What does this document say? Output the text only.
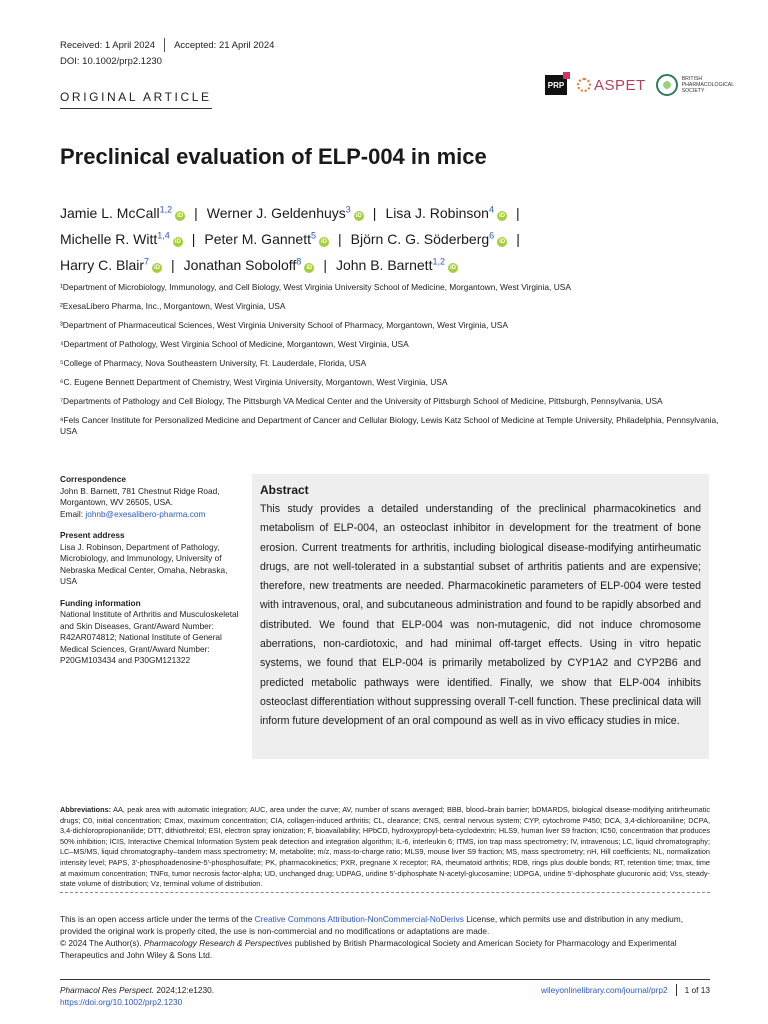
Received: 1 April 2024 Accepted: 21 April 2024
DOI: 10.1002/prp2.1230
PRP ASPET	BRITISH PHARMACOLOGICAL SOCIETY
ORIGINAL ARTICLE
Preclinical evaluation of ELP-004 in mice
Jamie L. McCall$^{1,2}$iD | Werner J. Geldenhuys$^3$iD | Lisa J. Robinson$^4$iD |
Michelle R. Witt$^{1,4}$iD | Peter M. Gannett$^5$iD | Björn C. G. Söderberg$^6$iD |
Harry C. Blair$^7$iD | Jonathan Soboloff$^8$iD | John B. Barnett$^{1,2}$iD
¹Department of Microbiology, Immunology, and Cell Biology, West Virginia University School of Medicine, Morgantown, West Virginia, USA
²ExesaLibero Pharma, Inc., Morgantown, West Virginia, USA
³Department of Pharmaceutical Sciences, West Virginia University School of Pharmacy, Morgantown, West Virginia, USA
⁴Department of Pathology, West Virginia School of Medicine, Morgantown, West Virginia, USA
⁵College of Pharmacy, Nova Southeastern University, Ft. Lauderdale, Florida, USA
⁶C. Eugene Bennett Department of Chemistry, West Virginia University, Morgantown, West Virginia, USA
⁷Departments of Pathology and Cell Biology, The Pittsburgh VA Medical Center and the University of Pittsburgh School of Medicine, Pittsburgh, Pennsylvania, USA
⁸Fels Cancer Institute for Personalized Medicine and Department of Cancer and Cellular Biology, Lewis Katz School of Medicine at Temple University, Philadelphia, Pennsylvania, USA
Correspondence
John B. Barnett, 781 Chestnut Ridge Road, Morgantown, WV 26505, USA.
Email: johnb@exesalibero-pharma.com
Present address
Lisa J. Robinson, Department of Pathology, Microbiology, and Immunology, University of Nebraska Medical Center, Omaha, Nebraska, USA
Funding information
National Institute of Arthritis and Musculoskeletal and Skin Diseases, Grant/Award Number: R42AR074812; National Institute of General Medical Sciences, Grant/Award Number: P20GM103434 and P30GM121322
Abstract
This study provides a detailed understanding of the preclinical pharmacokinetics and metabolism of ELP-004, an osteoclast inhibitor in development for the treatment of bone erosion. Current treatments for arthritis, including biological disease-modifying antirheumatic drugs, are not well-tolerated in a substantial subset of arthritis patients and are expensive; therefore, new treatments are needed. Pharmacokinetic parameters of ELP-004 were tested with intravenous, oral, and subcutaneous administration and found to be rapidly absorbed and distributed. We found that ELP-004 was non-mutagenic, did not induce chromosome aberrations, non-cardiotoxic, and had minimal off-target effects. Using in vitro hepatic systems, we found that ELP-004 is primarily metabolized by CYP1A2 and CYP2B6 and predicted metabolic pathways were identified. Finally, we show that ELP-004 inhibits osteoclast differentiation without suppressing overall T-cell function. These preclinical data will inform future development of an oral compound as well as in vivo efficacy studies in mice.
Abbreviations: AA, peak area with automatic integration; AUC, area under the curve; AV, number of scans averaged; BBB, blood–brain barrier; bDMARDS, biological disease-modifying antirheumatic drugs; C0, initial concentration; Cmax, maximum concentration; CIA, collagen-induced arthritis; CL, clearance; CNS, central nervous system; CYP, cytochrome P450; DCA, 3,4-dichloroaniline; DCPA, 3,4-dichloropropionanilide; DTT, dithiothreitol; ESI, electron spray ionization; F, bioavailability; HPbCD, hydroxypropyl-beta-cyclodextrin; HLS9, human liver S9 fraction; IC50, concentration that produces 50% inhibition; ICIS, Interactive Chemical Information System peak detection and integration algorithm; IL-6, interleukin 6; ITMS, ion trap mass spectrometry; IV, intravenous; LC, liquid chromatography; LC–MS/MS, liquid chromatography–tandem mass spectrometry; M, metabolite; m/z, mass-to-charge ratio; MLS9, mouse liver S9 fraction; MS, mass spectrometry; nH, Hill coefficients; NL, normalization intensity level; PAPS, 3′-phosphoadenosine-5′-phosphosulfate; PK, pharmacokinetics; PXR, pregnane X receptor; RA, rheumatoid arthritis; RDB, rings plus double bonds; RT, retention time; tmax, time at maximum concentration; TNFα, tumor necrosis factor-alpha; UD, unchanged drug; UDPAG, uridine 5′-diphosphate N-acetyl-glucosamine; UDPGA, uridine 5′-diphosphate glucuronic acid; Vss, steady-state volume of distribution; Vz, terminal volume of distribution.
This is an open access article under the terms of the Creative Commons Attribution-NonCommercial-NoDerivs License, which permits use and distribution in any medium, provided the original work is properly cited, the use is non-commercial and no modifications or adaptations are made.
© 2024 The Author(s). Pharmacology Research & Perspectives published by British Pharmacological Society and American Society for Pharmacology and Experimental Therapeutics and John Wiley & Sons Ltd.
Pharmacol Res Perspect. 2024;12:e1230.
https://doi.org/10.1002/prp2.1230
wileyonlinelibrary.com/journal/prp2 1 of 13
